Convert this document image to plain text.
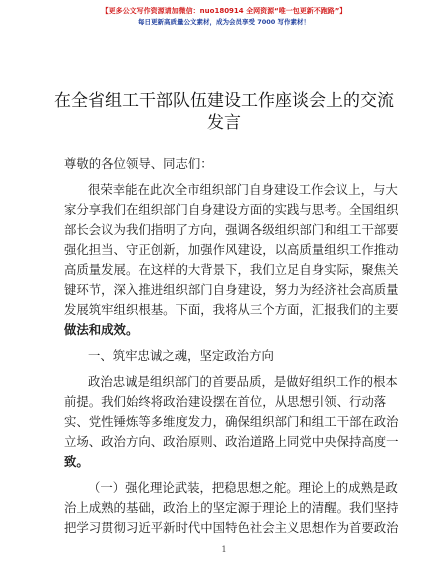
【更多公文写作资源请加微信：nuo180914 全网资源“唯一包更新不跑路”】
每日更新高质量公文素材，成为会员享受 7000 写作素材！
在全省组工干部队伍建设工作座谈会上的交流
发言
尊敬的各位领导、同志们：
很荣幸能在此次全市组织部门自身建设工作会议上，与大
家分享我们在组织部门自身建设方面的实践与思考。全国组织
部长会议为我们指明了方向，强调各级组织部门和组工干部要
强化担当、守正创新，加强作风建设，以高质量组织工作推动
高质量发展。在这样的大背景下，我们立足自身实际，聚焦关
键环节，深入推进组织部门自身建设，努力为经济社会高质量
发展筑牢组织根基。下面，我将从三个方面，汇报我们的主要
做法和成效。
一、筑牢忠诚之魂，坚定政治方向
政治忠诚是组织部门的首要品质，是做好组织工作的根本
前提。我们始终将政治建设摆在首位，从思想引领、行动落
实、党性锤炼等多维度发力，确保组织部门和组工干部在政治
立场、政治方向、政治原则、政治道路上同党中央保持高度一
致。
（一）强化理论武装，把稳思想之舵。理论上的成熟是政
治上成熟的基础，政治上的坚定源于理论上的清醒。我们坚持
把学习贯彻习近平新时代中国特色社会主义思想作为首要政治
1
